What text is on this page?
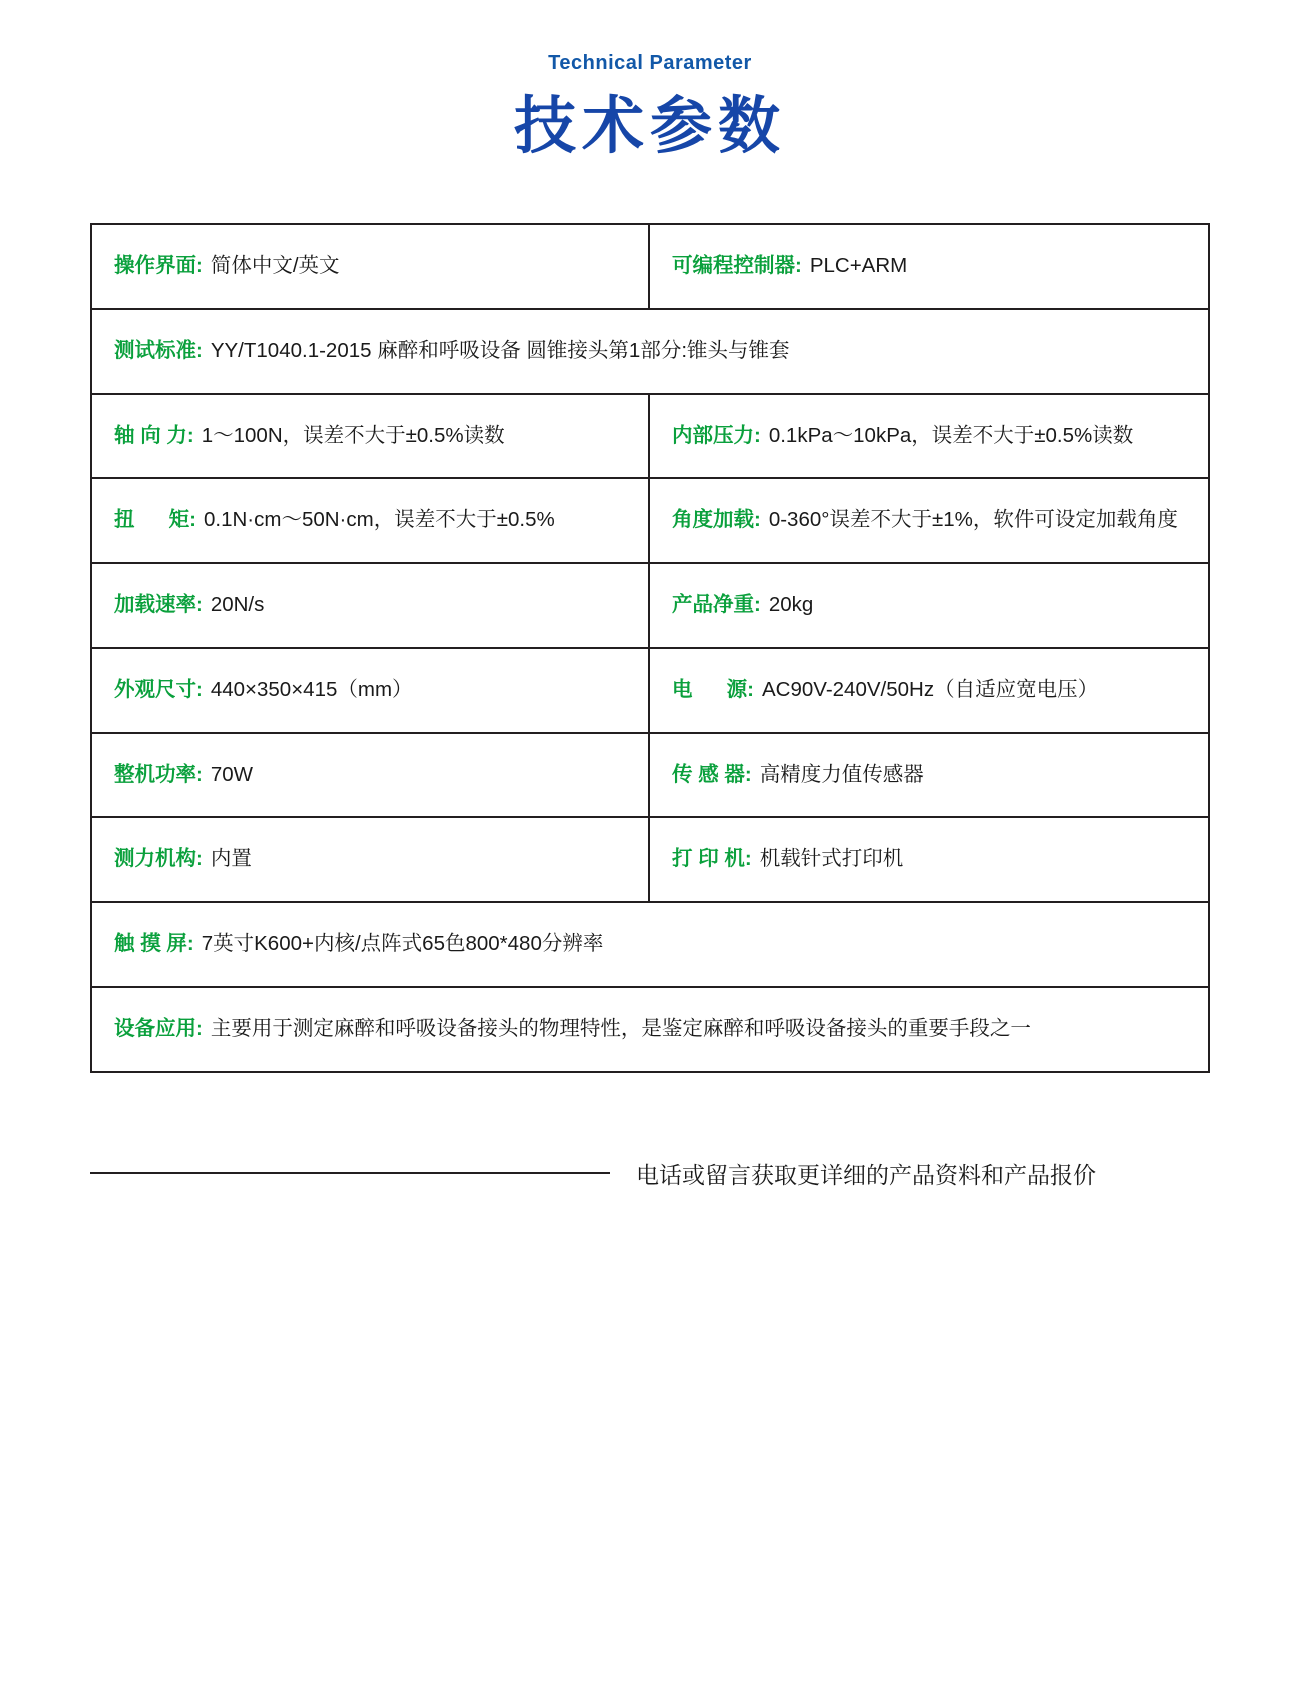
Technical Parameter
技术参数
操作界面: 简体中文/英文	可编程控制器: PLC+ARM
测试标准: YY/T1040.1-2015 麻醉和呼吸设备 圆锥接头第1部分:锥头与锥套
轴 向 力: 1～100N，误差不大于±0.5%读数	内部压力: 0.1kPa～10kPa，误差不大于±0.5%读数
扭      矩: 0.1N·cm～50N·cm，误差不大于±0.5%	角度加载: 0-360°误差不大于±1%，软件可设定加载角度
加载速率: 20N/s	产品净重: 20kg
外观尺寸: 440×350×415（mm）	电      源: AC90V-240V/50Hz（自适应宽电压）
整机功率: 70W	传 感 器: 高精度力值传感器
测力机构: 内置	打 印 机: 机载针式打印机
触 摸 屏: 7英寸K600+内核/点阵式65色800*480分辨率
设备应用: 主要用于测定麻醉和呼吸设备接头的物理特性，是鉴定麻醉和呼吸设备接头的重要手段之一
电话或留言获取更详细的产品资料和产品报价
